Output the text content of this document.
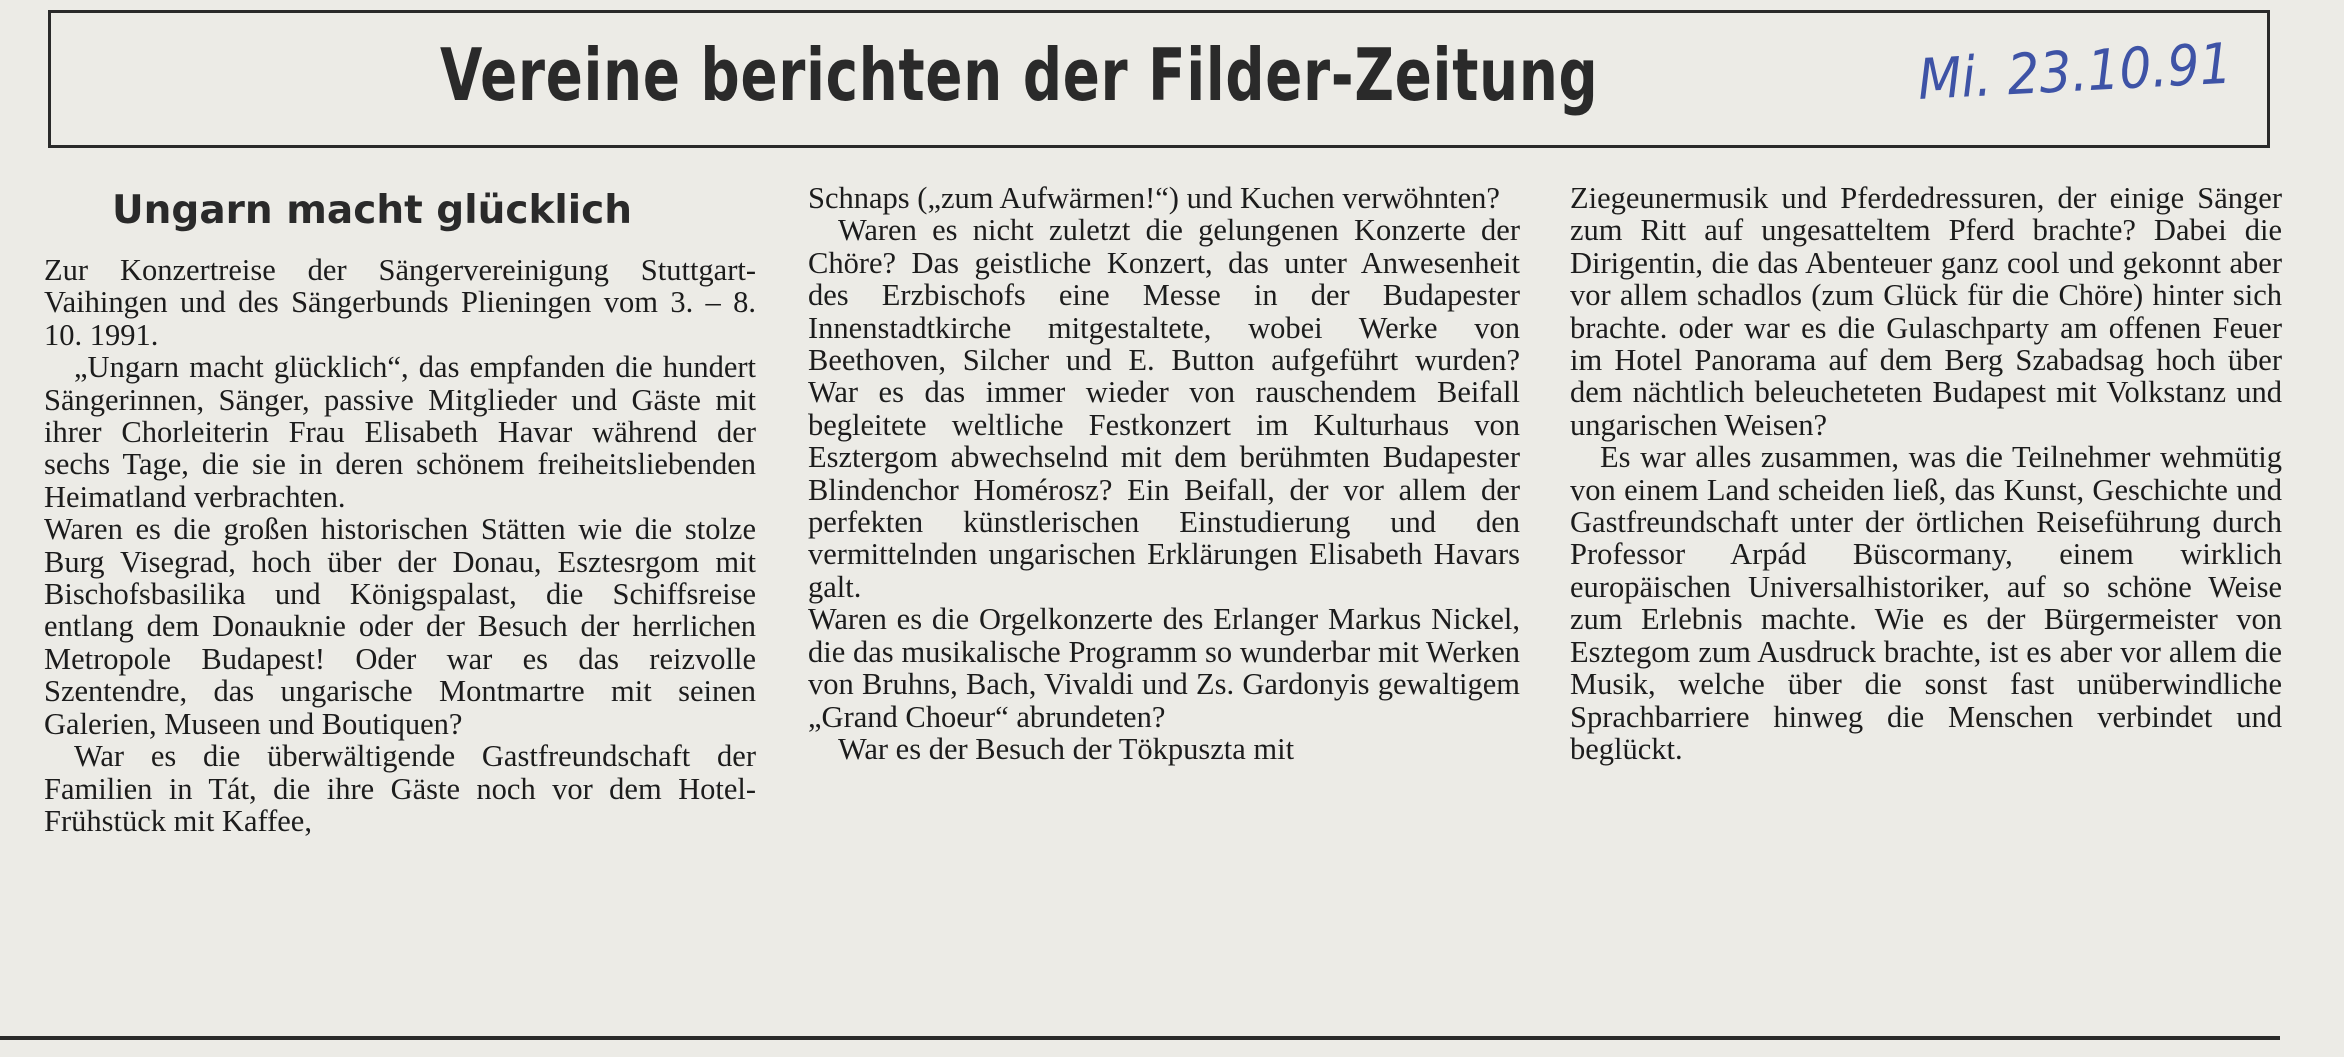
Vereine berichten der Filder-Zeitung	Mi. 23.10.91
Ungarn macht glücklich

Zur Konzertreise der Sängervereinigung Stuttgart-Vaihingen und des Sängerbunds Plieningen vom 3. – 8. 10. 1991.

„Ungarn macht glücklich“, das empfanden die hundert Sängerinnen, Sänger, passive Mitglieder und Gäste mit ihrer Chorleiterin Frau Elisabeth Havar während der sechs Tage, die sie in deren schönem freiheitsliebenden Heimatland verbrachten.

Waren es die großen historischen Stätten wie die stolze Burg Visegrad, hoch über der Donau, Esztesrgom mit Bischofsbasilika und Königspalast, die Schiffsreise entlang dem Donauknie oder der Besuch der herrlichen Metropole Budapest! Oder war es das reizvolle Szentendre, das ungarische Montmartre mit seinen Galerien, Museen und Boutiquen?

War es die überwältigende Gastfreundschaft der Familien in Tát, die ihre Gäste noch vor dem Hotel-Frühstück mit Kaffee,

Schnaps („zum Aufwärmen!“) und Kuchen verwöhnten?

Waren es nicht zuletzt die gelungenen Konzerte der Chöre? Das geistliche Konzert, das unter Anwesenheit des Erzbischofs eine Messe in der Budapester Innenstadtkirche mitgestaltete, wobei Werke von Beethoven, Silcher und E. Button aufgeführt wurden? War es das immer wieder von rauschendem Beifall begleitete weltliche Festkonzert im Kulturhaus von Esztergom abwechselnd mit dem berühmten Budapester Blindenchor Homérosz? Ein Beifall, der vor allem der perfekten künstlerischen Einstudierung und den vermittelnden ungarischen Erklärungen Elisabeth Havars galt.

Waren es die Orgelkonzerte des Erlanger Markus Nickel, die das musikalische Programm so wunderbar mit Werken von Bruhns, Bach, Vivaldi und Zs. Gardonyis gewaltigem „Grand Choeur“ abrundeten?

War es der Besuch der Tökpuszta mit

Ziegeunermusik und Pferdedressuren, der einige Sänger zum Ritt auf ungesatteltem Pferd brachte? Dabei die Dirigentin, die das Abenteuer ganz cool und gekonnt aber vor allem schadlos (zum Glück für die Chöre) hinter sich brachte. oder war es die Gulaschparty am offenen Feuer im Hotel Panorama auf dem Berg Szabadsag hoch über dem nächtlich beleucheteten Budapest mit Volkstanz und ungarischen Weisen?

Es war alles zusammen, was die Teilnehmer wehmütig von einem Land scheiden ließ, das Kunst, Geschichte und Gastfreundschaft unter der örtlichen Reiseführung durch Professor Arpád Büscormany, einem wirklich europäischen Universalhistoriker, auf so schöne Weise zum Erlebnis machte. Wie es der Bürgermeister von Esztegom zum Ausdruck brachte, ist es aber vor allem die Musik, welche über die sonst fast unüberwindliche Sprachbarriere hinweg die Menschen verbindet und beglückt.
